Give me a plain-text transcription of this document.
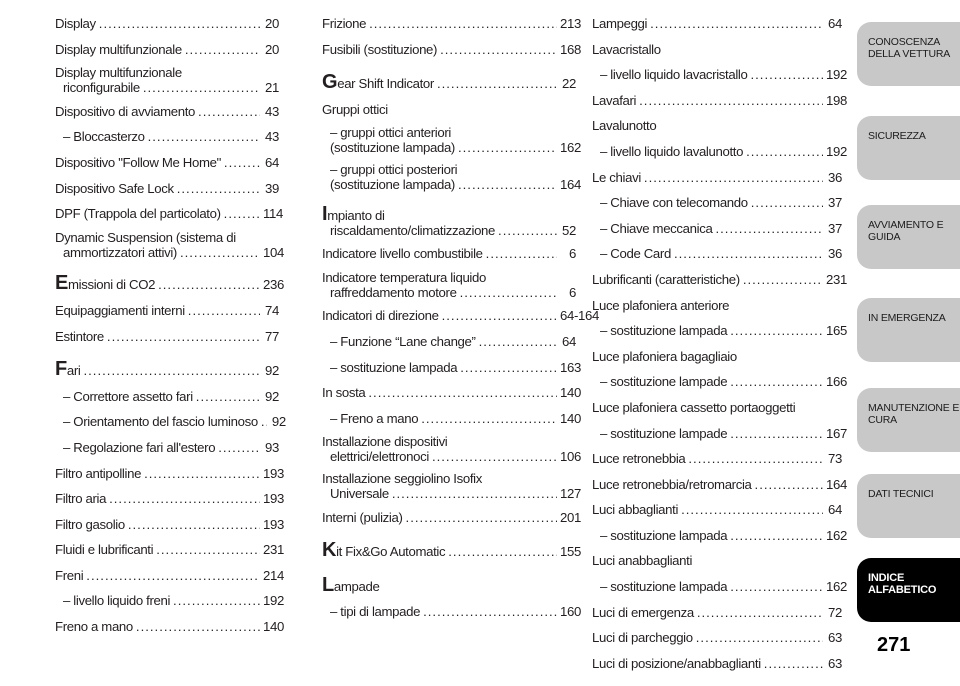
Display .....	20
Display multifunzionale .....	20
Display multifunzionale
riconfigurabile .....	21
Dispositivo di avviamento .....	43
– Bloccasterzo .....	43
Dispositivo "Follow Me Home" .....	64
Dispositivo Safe Lock .....	39
DPF (Trappola del particolato) .....	114
Dynamic Suspension (sistema di
ammortizzatori attivi) .....	104
Emissioni di CO2 .....	236
Equipaggiamenti interni .....	74
Estintore .....	77
Fari .....	92
– Correttore assetto fari .....	92
– Orientamento del fascio luminoso ..... 92
– Regolazione fari all'estero .....	93
Filtro antipolline .....	193
Filtro aria .....	193
Filtro gasolio .....	193
Fluidi e lubrificanti .....	231
Freni .....	214
– livello liquido freni .....	192
Freno a mano .....	140
Frizione .....	213
Fusibili (sostituzione) .....	168
Gear Shift Indicator .....	22
Gruppi ottici
– gruppi ottici anteriori
(sostituzione lampada) .....	162
– gruppi ottici posteriori
(sostituzione lampada) .....	164
Impianto di
riscaldamento/climatizzazione .....	52
Indicatore livello combustibile .....	6
Indicatore temperatura liquido
raffreddamento motore .....	6
Indicatori di direzione .....	64-164
– Funzione “Lane change” .....	64
– sostituzione lampada .....	163
In sosta .....	140
– Freno a mano .....	140
Installazione dispositivi
elettrici/elettronoci .....	106
Installazione seggiolino Isofix
Universale .....	127
Interni (pulizia) .....	201
Kit Fix&Go Automatic .....	155
Lampade
– tipi di lampade .....	160
Lampeggi .....	64
Lavacristallo
– livello liquido lavacristallo .....	192
Lavafari .....	198
Lavalunotto
– livello liquido lavalunotto .....	192
Le chiavi .....	36
– Chiave con telecomando .....	37
– Chiave meccanica .....	37
– Code Card .....	36
Lubrificanti (caratteristiche) .....	231
Luce plafoniera anteriore
– sostituzione lampada .....	165
Luce plafoniera bagagliaio
– sostituzione lampade .....	166
Luce plafoniera cassetto portaoggetti
– sostituzione lampade .....	167
Luce retronebbia .....	73
Luce retronebbia/retromarcia .....	164
Luci abbaglianti .....	64
– sostituzione lampada .....	162
Luci anabbaglianti
– sostituzione lampada .....	162
Luci di emergenza .....	72
Luci di parcheggio .....	63
Luci di posizione/anabbaglianti .....	63
CONOSCENZA DELLA VETTURA
SICUREZZA
AVVIAMENTO E GUIDA
IN EMERGENZA
MANUTENZIONE E CURA
DATI TECNICI
INDICE ALFABETICO
271
